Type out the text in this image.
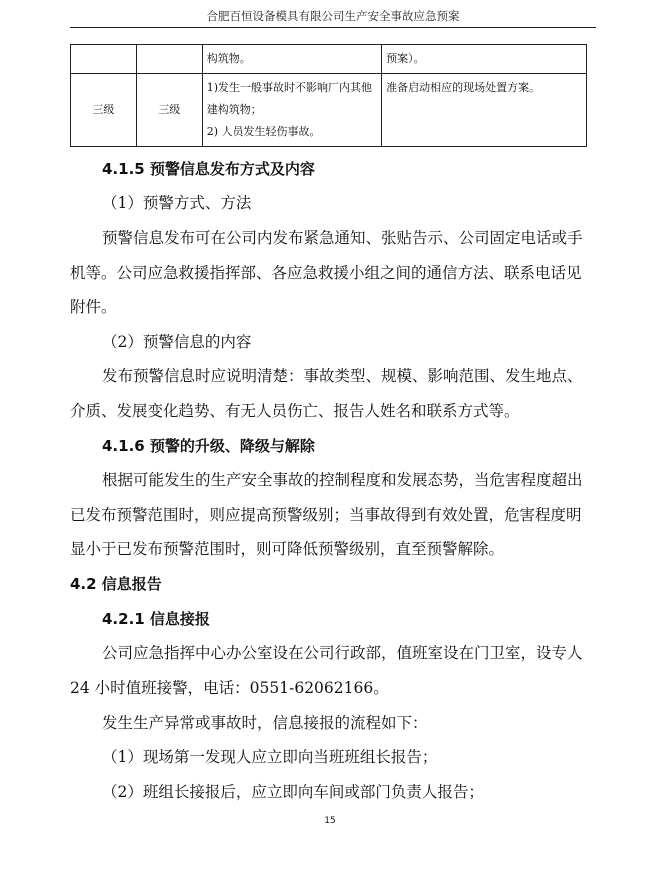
合肥百恒设备模具有限公司生产安全事故应急预案
		构筑物。	预案）。
三级	三级	1)发生一般事故时不影响厂内其他建构筑物；
2) 人员发生轻伤事故。	准备启动相应的现场处置方案。
4.1.5 预警信息发布方式及内容
（1）预警方式、方法
预警信息发布可在公司内发布紧急通知、张贴告示、公司固定电话或手机等。公司应急救援指挥部、各应急救援小组之间的通信方法、联系电话见附件。
（2）预警信息的内容
发布预警信息时应说明清楚：事故类型、规模、影响范围、发生地点、介质、发展变化趋势、有无人员伤亡、报告人姓名和联系方式等。
4.1.6 预警的升级、降级与解除
根据可能发生的生产安全事故的控制程度和发展态势，当危害程度超出已发布预警范围时，则应提高预警级别；当事故得到有效处置，危害程度明显小于已发布预警范围时，则可降低预警级别，直至预警解除。
4.2 信息报告
4.2.1 信息接报
公司应急指挥中心办公室设在公司行政部，值班室设在门卫室，设专人24 小时值班接警，电话：0551-62062166。
发生生产异常或事故时，信息接报的流程如下：
（1）现场第一发现人应立即向当班班组长报告；
（2）班组长接报后，应立即向车间或部门负责人报告；
15
